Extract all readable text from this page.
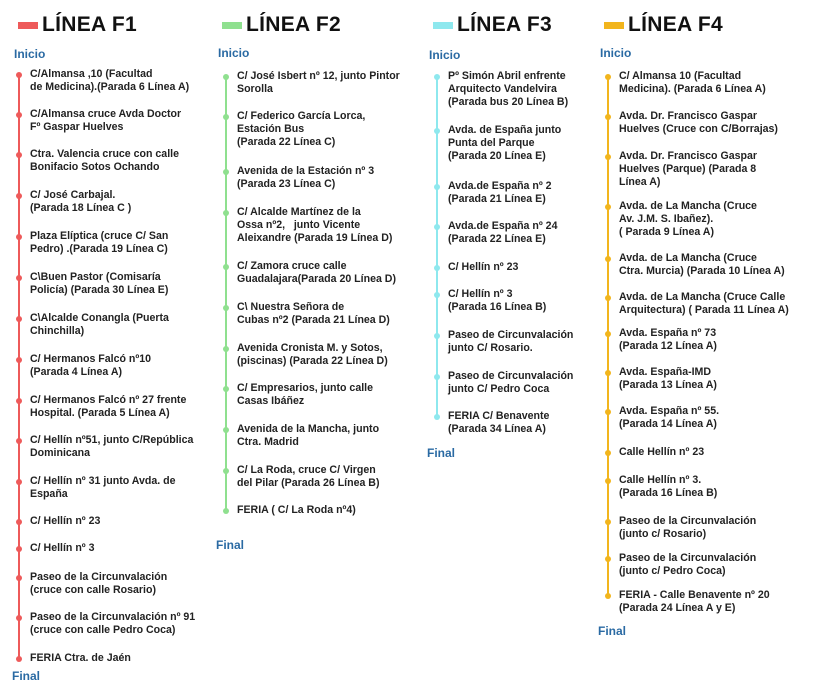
LÍNEA F1
Inicio
C/Almansa ,10 (Facultad
de Medicina).(Parada 6 Línea A)
C/Almansa cruce Avda Doctor
Fº Gaspar Huelves
Ctra. Valencia cruce con calle
Bonifacio Sotos Ochando
C/ José Carbajal.
(Parada 18 Línea C )
Plaza Elíptica (cruce C/ San
Pedro) .(Parada 19 Línea C)
C\Buen Pastor (Comisaría
Policía) (Parada 30 Línea E)
C\Alcalde Conangla (Puerta
Chinchilla)
C/ Hermanos Falcó nº10
(Parada 4 Línea A)
C/ Hermanos Falcó nº 27 frente
Hospital. (Parada 5 Línea A)
C/ Hellín nº51, junto C/República
Dominicana
C/ Hellín nº 31 junto Avda. de
España
C/ Hellín nº 23
C/ Hellín nº 3
Paseo de la Circunvalación
(cruce con calle Rosario)
Paseo de la Circunvalación nº 91
(cruce con calle Pedro Coca)
FERIA Ctra. de Jaén
Final
LÍNEA F2
Inicio
C/ José Isbert nº 12, junto Pintor
Sorolla
C/ Federico García Lorca,
Estación Bus
(Parada 22 Línea C)
Avenida de la Estación nº 3
(Parada 23 Línea C)
C/ Alcalde Martínez de la
Ossa nº2,   junto Vicente
Aleixandre (Parada 19 Línea D)
C/ Zamora cruce calle
Guadalajara(Parada 20 Línea D)
C\ Nuestra Señora de
Cubas nº2 (Parada 21 Línea D)
Avenida Cronista M. y Sotos,
(piscinas) (Parada 22 Línea D)
C/ Empresarios, junto calle
Casas Ibáñez
Avenida de la Mancha, junto
Ctra. Madrid
C/ La Roda, cruce C/ Virgen
del Pilar (Parada 26 Línea B)
FERIA ( C/ La Roda nº4)
Final
LÍNEA F3
Inicio
Pº Simón Abril enfrente
Arquitecto Vandelvira
(Parada bus 20 Línea B)
Avda. de España junto
Punta del Parque
(Parada 20 Línea E)
Avda.de España nº 2
(Parada 21 Línea E)
Avda.de España nº 24
(Parada 22 Línea E)
C/ Hellín nº 23
C/ Hellín nº 3
(Parada 16 Línea B)
Paseo de Circunvalación
junto C/ Rosario.
Paseo de Circunvalación
junto C/ Pedro Coca
FERIA C/ Benavente
(Parada 34 Línea A)
Final
LÍNEA F4
Inicio
C/ Almansa 10 (Facultad
Medicina). (Parada 6 Línea A)
Avda. Dr. Francisco Gaspar
Huelves (Cruce con C/Borrajas)
Avda. Dr. Francisco Gaspar
Huelves (Parque) (Parada 8
Línea A)
Avda. de La Mancha (Cruce
Av. J.M. S. Ibañez).
( Parada 9 Línea A)
Avda. de La Mancha (Cruce
Ctra. Murcia) (Parada 10 Línea A)
Avda. de La Mancha (Cruce Calle
Arquitectura) ( Parada 11 Línea A)
Avda. España nº 73
(Parada 12 Línea A)
Avda. España-IMD
(Parada 13 Línea A)
Avda. España nº 55.
(Parada 14 Línea A)
Calle Hellín nº 23
Calle Hellín nº 3.
(Parada 16 Línea B)
Paseo de la Circunvalación
(junto c/ Rosario)
Paseo de la Circunvalación
(junto c/ Pedro Coca)
FERIA - Calle Benavente nº 20
(Parada 24 Línea A y E)
Final
